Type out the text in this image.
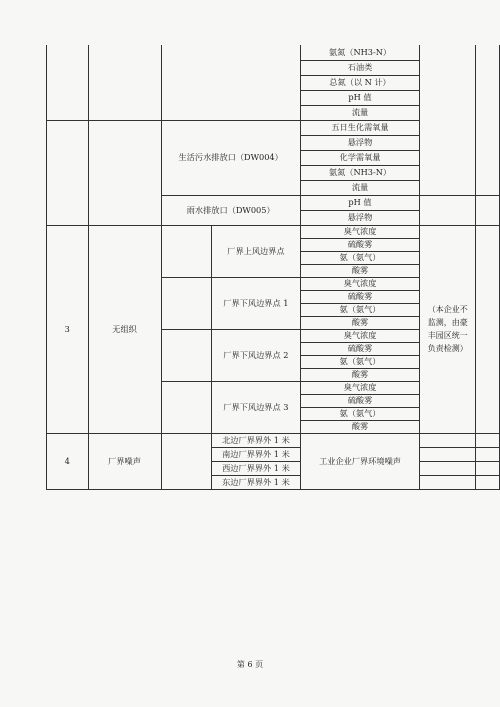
				氨氮（NH3-N）		
				石油类		
				总氮（以 N 计）		
				pH 值		
				流量		
		生活污水排放口（DW004）		五日生化需氧量		
				悬浮物		
				化学需氧量		
				氨氮（NH3-N）		
				流量		
		雨水排放口（DW005）		pH 值		
				悬浮物		
3	无组织		厂界上风边界点	臭气浓度	（本企业不监测，由豪丰园区统一负责检测）	
				硫酸雾		
				氨（氨气）		
				酸雾		
			厂界下风边界点 1	臭气浓度		
				硫酸雾		
				氨（氨气）		
				酸雾		
			厂界下风边界点 2	臭气浓度		
				硫酸雾		
				氨（氨气）		
				酸雾		
			厂界下风边界点 3	臭气浓度		
				硫酸雾		
				氨（氨气）		
				酸雾		
4	厂界噪声		北边厂界界外 1 米	工业企业厂界环境噪声		
			南边厂界界外 1 米			
			西边厂界界外 1 米			
			东边厂界界外 1 米			
第 6 页
